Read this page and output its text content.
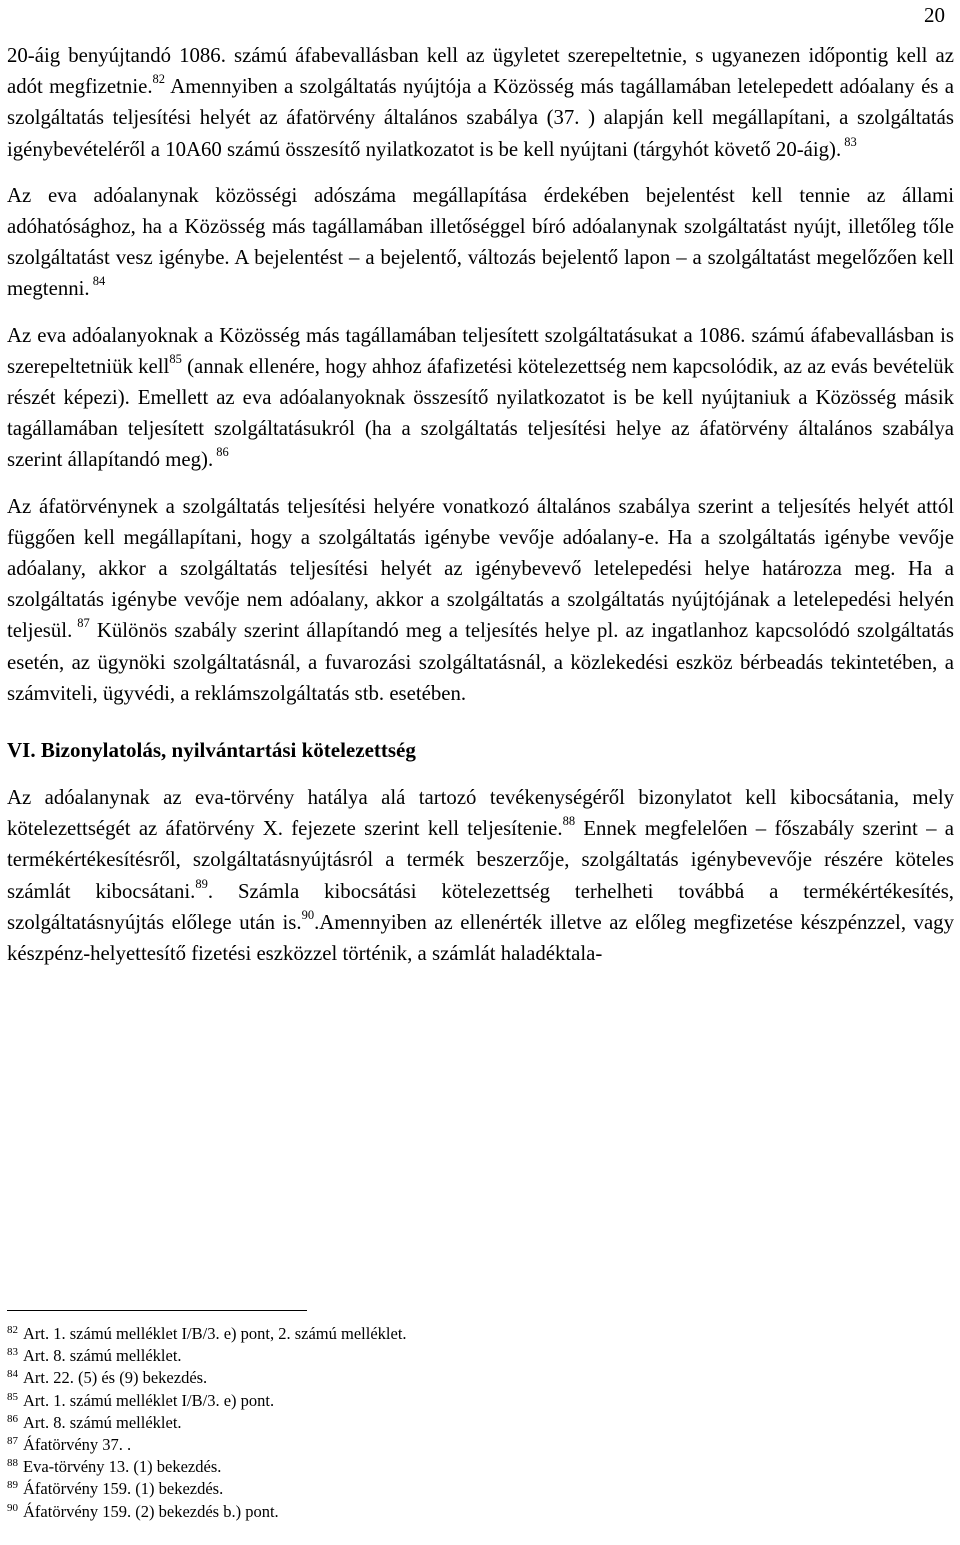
20

20-áig benyújtandó 1086. számú áfabevallásban kell az ügyletet szerepeltetnie, s ugyanezen időpontig kell az adót megfizetnie.$^{82}$ Amennyiben a szolgáltatás nyújtója a Közösség más tagállamában letelepedett adóalany és a szolgáltatás teljesítési helyét az áfatörvény általános szabálya (37. ) alapján kell megállapítani, a szolgáltatás igénybevételéről a 10A60 számú összesítő nyilatkozatot is be kell nyújtani (tárgyhót követő 20-áig). $^{83}$

Az eva adóalanynak közösségi adószáma megállapítása érdekében bejelentést kell tennie az állami adóhatósághoz, ha a Közösség más tagállamában illetőséggel bíró adóalanynak szolgáltatást nyújt, illetőleg tőle szolgáltatást vesz igénybe. A bejelentést – a bejelentő, változás bejelentő lapon – a szolgáltatást megelőzően kell megtenni. $^{84}$

Az eva adóalanyoknak a Közösség más tagállamában teljesített szolgáltatásukat a 1086. számú áfabevallásban is szerepeltetniük kell$^{85}$ (annak ellenére, hogy ahhoz áfafizetési kötelezettség nem kapcsolódik, az az evás bevételük részét képezi). Emellett az eva adóalanyoknak összesítő nyilatkozatot is be kell nyújtaniuk a Közösség másik tagállamában teljesített szolgáltatásukról (ha a szolgáltatás teljesítési helye az áfatörvény általános szabálya szerint állapítandó meg). $^{86}$

Az áfatörvénynek a szolgáltatás teljesítési helyére vonatkozó általános szabálya szerint a teljesítés helyét attól függően kell megállapítani, hogy a szolgáltatás igénybe vevője adóalany-e. Ha a szolgáltatás igénybe vevője adóalany, akkor a szolgáltatás teljesítési helyét az igénybevevő letelepedési helye határozza meg. Ha a szolgáltatás igénybe vevője nem adóalany, akkor a szolgáltatás a szolgáltatás nyújtójának a letelepedési helyén teljesül. $^{87}$ Különös szabály szerint állapítandó meg a teljesítés helye pl. az ingatlanhoz kapcsolódó szolgáltatás esetén, az ügynöki szolgáltatásnál, a fuvarozási szolgáltatásnál, a közlekedési eszköz bérbeadás tekintetében, a számviteli, ügyvédi, a reklámszolgáltatás stb. esetében.

VI. Bizonylatolás, nyilvántartási kötelezettség

Az adóalanynak az eva-törvény hatálya alá tartozó tevékenységéről bizonylatot kell kibocsátania, mely kötelezettségét az áfatörvény X. fejezete szerint kell teljesítenie.$^{88}$ Ennek megfelelően – főszabály szerint – a termékértékesítésről, szolgáltatásnyújtásról a termék beszerzője, szolgáltatás igénybevevője részére köteles számlát kibocsátani.$^{89}$. Számla kibocsátási kötelezettség terhelheti továbbá a termékértékesítés, szolgáltatásnyújtás előlege után is.$^{90}$.Amennyiben az ellenérték illetve az előleg megfizetése készpénzzel, vagy készpénz-helyettesítő fizetési eszközzel történik, a számlát haladéktala-

$^{82}$ Art. 1. számú melléklet I/B/3. e) pont, 2. számú melléklet.
$^{83}$ Art. 8. számú melléklet.
$^{84}$ Art. 22. (5) és (9) bekezdés.
$^{85}$ Art. 1. számú melléklet I/B/3. e) pont.
$^{86}$ Art. 8. számú melléklet.
$^{87}$ Áfatörvény 37. .
$^{88}$ Eva-törvény 13. (1) bekezdés.
$^{89}$ Áfatörvény 159. (1) bekezdés.
$^{90}$ Áfatörvény 159. (2) bekezdés b.) pont.
